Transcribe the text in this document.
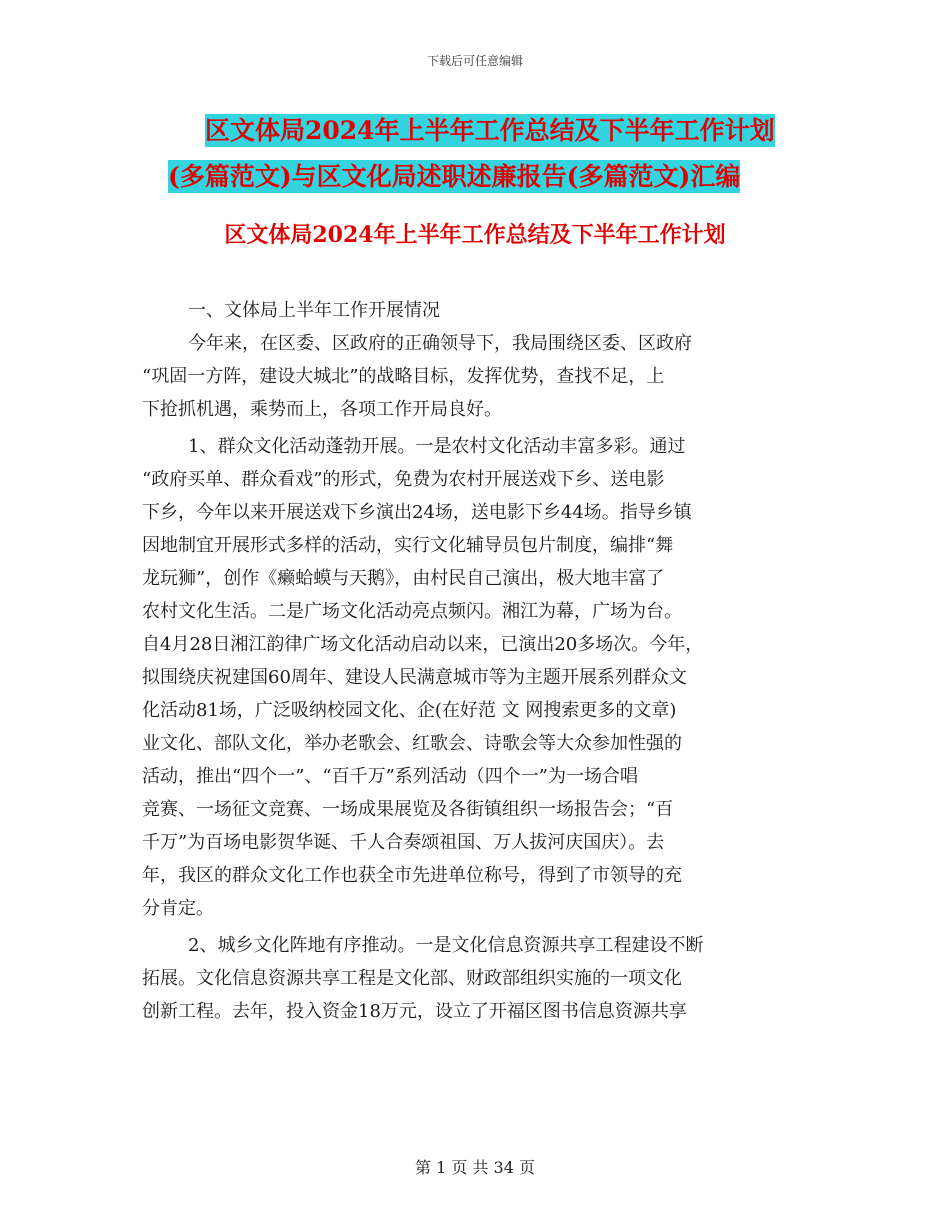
下载后可任意编辑
区文体局2024年上半年工作总结及下半年工作计划
(多篇范文)与区文化局述职述廉报告(多篇范文)汇编
区文体局2024年上半年工作总结及下半年工作计划
一、文体局上半年工作开展情况
今年来，在区委、区政府的正确领导下，我局围绕区委、区政府
“巩固一方阵，建设大城北”的战略目标，发挥优势，查找不足，上
下抢抓机遇，乘势而上，各项工作开局良好。
1、群众文化活动蓬勃开展。一是农村文化活动丰富多彩。通过
“政府买单、群众看戏”的形式，免费为农村开展送戏下乡、送电影
下乡，今年以来开展送戏下乡演出24场，送电影下乡44场。指导乡镇
因地制宜开展形式多样的活动，实行文化辅导员包片制度，编排“舞
龙玩狮”，创作《癞蛤蟆与天鹅》，由村民自己演出，极大地丰富了
农村文化生活。二是广场文化活动亮点频闪。湘江为幕，广场为台。
自4月28日湘江韵律广场文化活动启动以来，已演出20多场次。今年，
拟围绕庆祝建国60周年、建设人民满意城市等为主题开展系列群众文
化活动81场，广泛吸纳校园文化、企(在好范 文 网搜索更多的文章)
业文化、部队文化，举办老歌会、红歌会、诗歌会等大众参加性强的
活动，推出“四个一”、“百千万”系列活动（四个一”为一场合唱
竞赛、一场征文竞赛、一场成果展览及各街镇组织一场报告会；“百
千万”为百场电影贺华诞、千人合奏颂祖国、万人拔河庆国庆）。去
年，我区的群众文化工作也获全市先进单位称号，得到了市领导的充
分肯定。
2、城乡文化阵地有序推动。一是文化信息资源共享工程建设不断
拓展。文化信息资源共享工程是文化部、财政部组织实施的一项文化
创新工程。去年，投入资金18万元，设立了开福区图书信息资源共享
第 1 页 共 34 页
